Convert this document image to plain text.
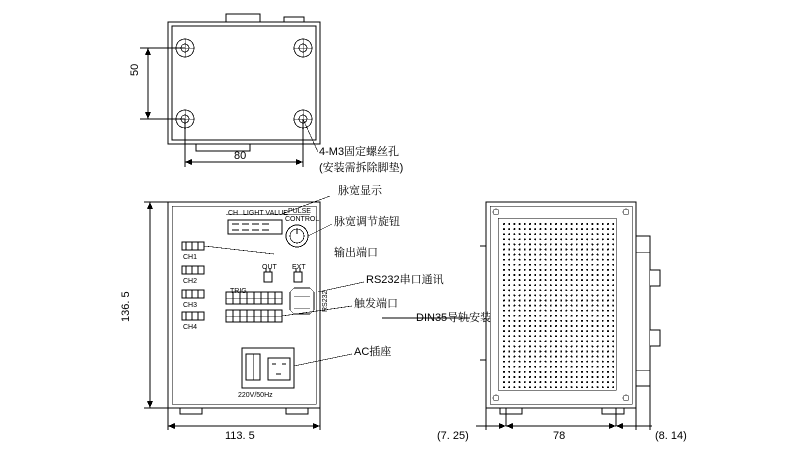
50
80	4-M3固定螺丝孔
(安装需拆除脚垫)
136. 5
113. 5	(7. 25)	78	(8. 14)
脉宽显示
脉宽调节旋钮
输出端口
RS232串口通讯
触发端口
DIN35导轨安装
AC插座
CH LIGHT VALUE PULSE
CONTROL
CH1
CH2
CH3
CH4
OUT EXT
TRIG	RS232
220V/50Hz
